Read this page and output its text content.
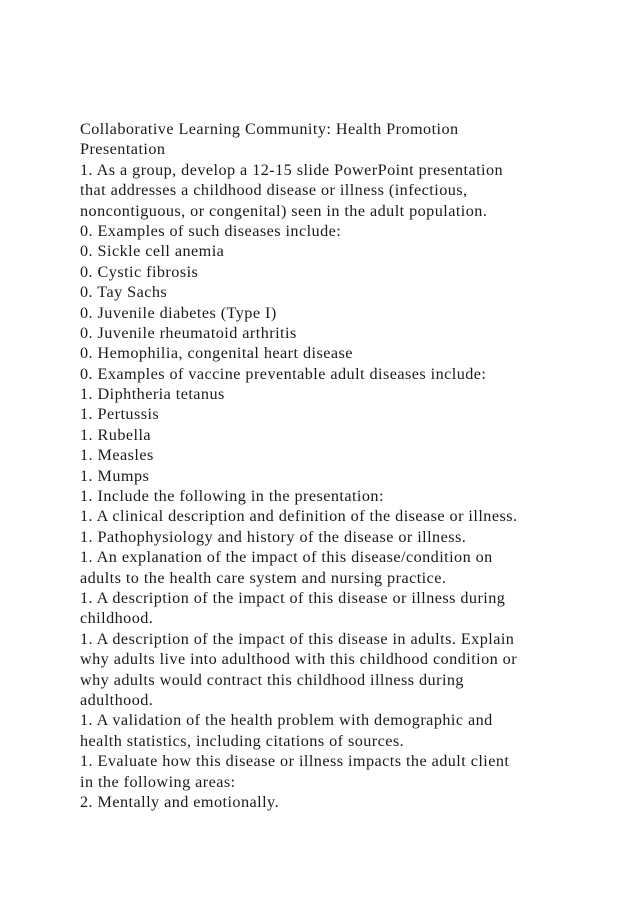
Collaborative Learning Community: Health Promotion
Presentation
1. As a group, develop a 12-15 slide PowerPoint presentation
that addresses a childhood disease or illness (infectious,
noncontiguous, or congenital) seen in the adult population.
0. Examples of such diseases include:
0. Sickle cell anemia
0. Cystic fibrosis
0. Tay Sachs
0. Juvenile diabetes (Type I)
0. Juvenile rheumatoid arthritis
0. Hemophilia, congenital heart disease
0. Examples of vaccine preventable adult diseases include:
1. Diphtheria tetanus
1. Pertussis
1. Rubella
1. Measles
1. Mumps
1. Include the following in the presentation:
1. A clinical description and definition of the disease or illness.
1. Pathophysiology and history of the disease or illness.
1. An explanation of the impact of this disease/condition on
adults to the health care system and nursing practice.
1. A description of the impact of this disease or illness during
childhood.
1. A description of the impact of this disease in adults. Explain
why adults live into adulthood with this childhood condition or
why adults would contract this childhood illness during
adulthood.
1. A validation of the health problem with demographic and
health statistics, including citations of sources.
1. Evaluate how this disease or illness impacts the adult client
in the following areas:
2. Mentally and emotionally.
